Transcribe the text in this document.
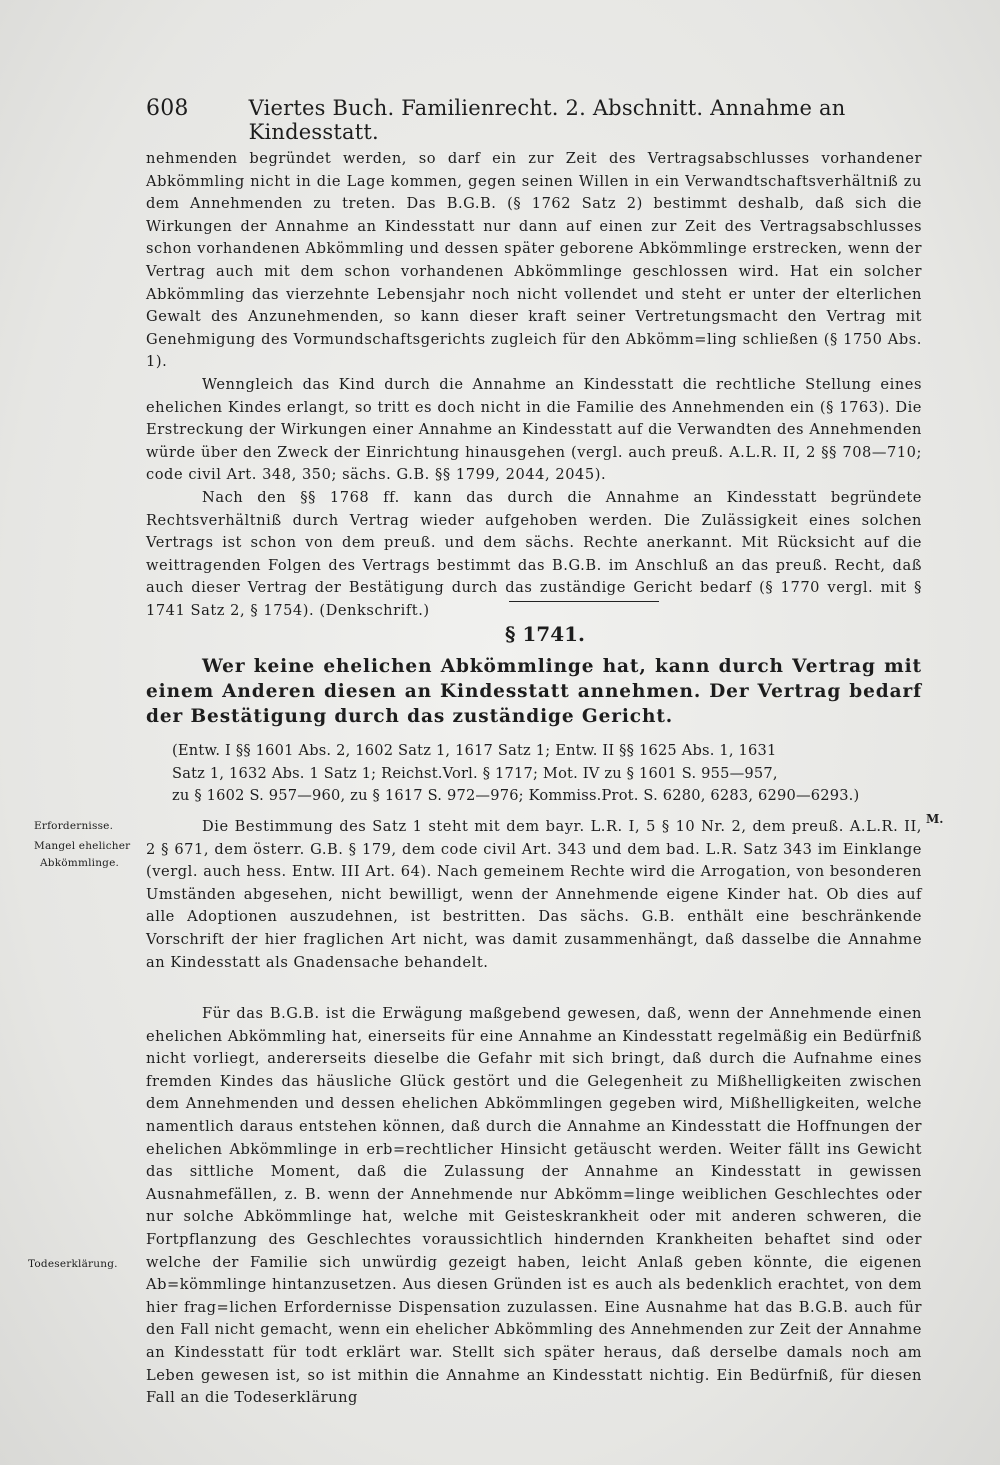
608	Viertes Buch. Familienrecht. 2. Abschnitt. Annahme an Kindesstatt.

nehmenden begründet werden, so darf ein zur Zeit des Vertragsabschlusses vorhandener Abkömmling nicht in die Lage kommen, gegen seinen Willen in ein Verwandtschaftsverhältniß zu dem Annehmenden zu treten. Das B.G.B. (§ 1762 Satz 2) bestimmt deshalb, daß sich die Wirkungen der Annahme an Kindesstatt nur dann auf einen zur Zeit des Vertragsabschlusses schon vorhandenen Abkömmling und dessen später geborene Abkömmlinge erstrecken, wenn der Vertrag auch mit dem schon vorhandenen Abkömmlinge geschlossen wird. Hat ein solcher Abkömmling das vierzehnte Lebensjahr noch nicht vollendet und steht er unter der elterlichen Gewalt des Anzunehmenden, so kann dieser kraft seiner Vertretungsmacht den Vertrag mit Genehmigung des Vormundschaftsgerichts zugleich für den Abkömm=ling schließen (§ 1750 Abs. 1).

Wenngleich das Kind durch die Annahme an Kindesstatt die rechtliche Stellung eines ehelichen Kindes erlangt, so tritt es doch nicht in die Familie des Annehmenden ein (§ 1763). Die Erstreckung der Wirkungen einer Annahme an Kindesstatt auf die Verwandten des Annehmenden würde über den Zweck der Einrichtung hinausgehen (vergl. auch preuß. A.L.R. II, 2 §§ 708—710; code civil Art. 348, 350; sächs. G.B. §§ 1799, 2044, 2045).

Nach den §§ 1768 ff. kann das durch die Annahme an Kindesstatt begründete Rechtsverhältniß durch Vertrag wieder aufgehoben werden. Die Zulässigkeit eines solchen Vertrags ist schon von dem preuß. und dem sächs. Rechte anerkannt. Mit Rücksicht auf die weittragenden Folgen des Vertrags bestimmt das B.G.B. im Anschluß an das preuß. Recht, daß auch dieser Vertrag der Bestätigung durch das zuständige Gericht bedarf (§ 1770 vergl. mit § 1741 Satz 2, § 1754). (Denkschrift.)

§ 1741.

Wer keine ehelichen Abkömmlinge hat, kann durch Vertrag mit einem Anderen diesen an Kindesstatt annehmen. Der Vertrag bedarf der Bestätigung durch das zuständige Gericht.

(Entw. I §§ 1601 Abs. 2, 1602 Satz 1, 1617 Satz 1; Entw. II §§ 1625 Abs. 1, 1631
Satz 1, 1632 Abs. 1 Satz 1; Reichst.Vorl. § 1717; Mot. IV zu § 1601 S. 955—957,
zu § 1602 S. 957—960, zu § 1617 S. 972—976; Kommiss.Prot. S. 6280, 6283, 6290—6293.)
Erfordernisse.
Mangel ehelicher
Abkömmlinge.
Todeserklärung.
M.

Die Bestimmung des Satz 1 steht mit dem bayr. L.R. I, 5 § 10 Nr. 2, dem preuß. A.L.R. II, 2 § 671, dem österr. G.B. § 179, dem code civil Art. 343 und dem bad. L.R. Satz 343 im Einklange (vergl. auch hess. Entw. III Art. 64). Nach gemeinem Rechte wird die Arrogation, von besonderen Umständen abgesehen, nicht bewilligt, wenn der Annehmende eigene Kinder hat. Ob dies auf alle Adoptionen auszudehnen, ist bestritten. Das sächs. G.B. enthält eine beschränkende Vorschrift der hier fraglichen Art nicht, was damit zusammenhängt, daß dasselbe die Annahme an Kindesstatt als Gnadensache behandelt.

Für das B.G.B. ist die Erwägung maßgebend gewesen, daß, wenn der Annehmende einen ehelichen Abkömmling hat, einerseits für eine Annahme an Kindesstatt regelmäßig ein Bedürfniß nicht vorliegt, andererseits dieselbe die Gefahr mit sich bringt, daß durch die Aufnahme eines fremden Kindes das häusliche Glück gestört und die Gelegenheit zu Mißhelligkeiten zwischen dem Annehmenden und dessen ehelichen Abkömmlingen gegeben wird, Mißhelligkeiten, welche namentlich daraus entstehen können, daß durch die Annahme an Kindesstatt die Hoffnungen der ehelichen Abkömmlinge in erb=rechtlicher Hinsicht getäuscht werden. Weiter fällt ins Gewicht das sittliche Moment, daß die Zulassung der Annahme an Kindesstatt in gewissen Ausnahmefällen, z. B. wenn der Annehmende nur Abkömm=linge weiblichen Geschlechtes oder nur solche Abkömmlinge hat, welche mit Geisteskrankheit oder mit anderen schweren, die Fortpflanzung des Geschlechtes voraussichtlich hindernden Krankheiten behaftet sind oder welche der Familie sich unwürdig gezeigt haben, leicht Anlaß geben könnte, die eigenen Ab=kömmlinge hintanzusetzen. Aus diesen Gründen ist es auch als bedenklich erachtet, von dem hier frag=lichen Erfordernisse Dispensation zuzulassen. Eine Ausnahme hat das B.G.B. auch für den Fall nicht gemacht, wenn ein ehelicher Abkömmling des Annehmenden zur Zeit der Annahme an Kindesstatt für todt erklärt war. Stellt sich später heraus, daß derselbe damals noch am Leben gewesen ist, so ist mithin die Annahme an Kindesstatt nichtig. Ein Bedürfniß, für diesen Fall an die Todeserklärung
